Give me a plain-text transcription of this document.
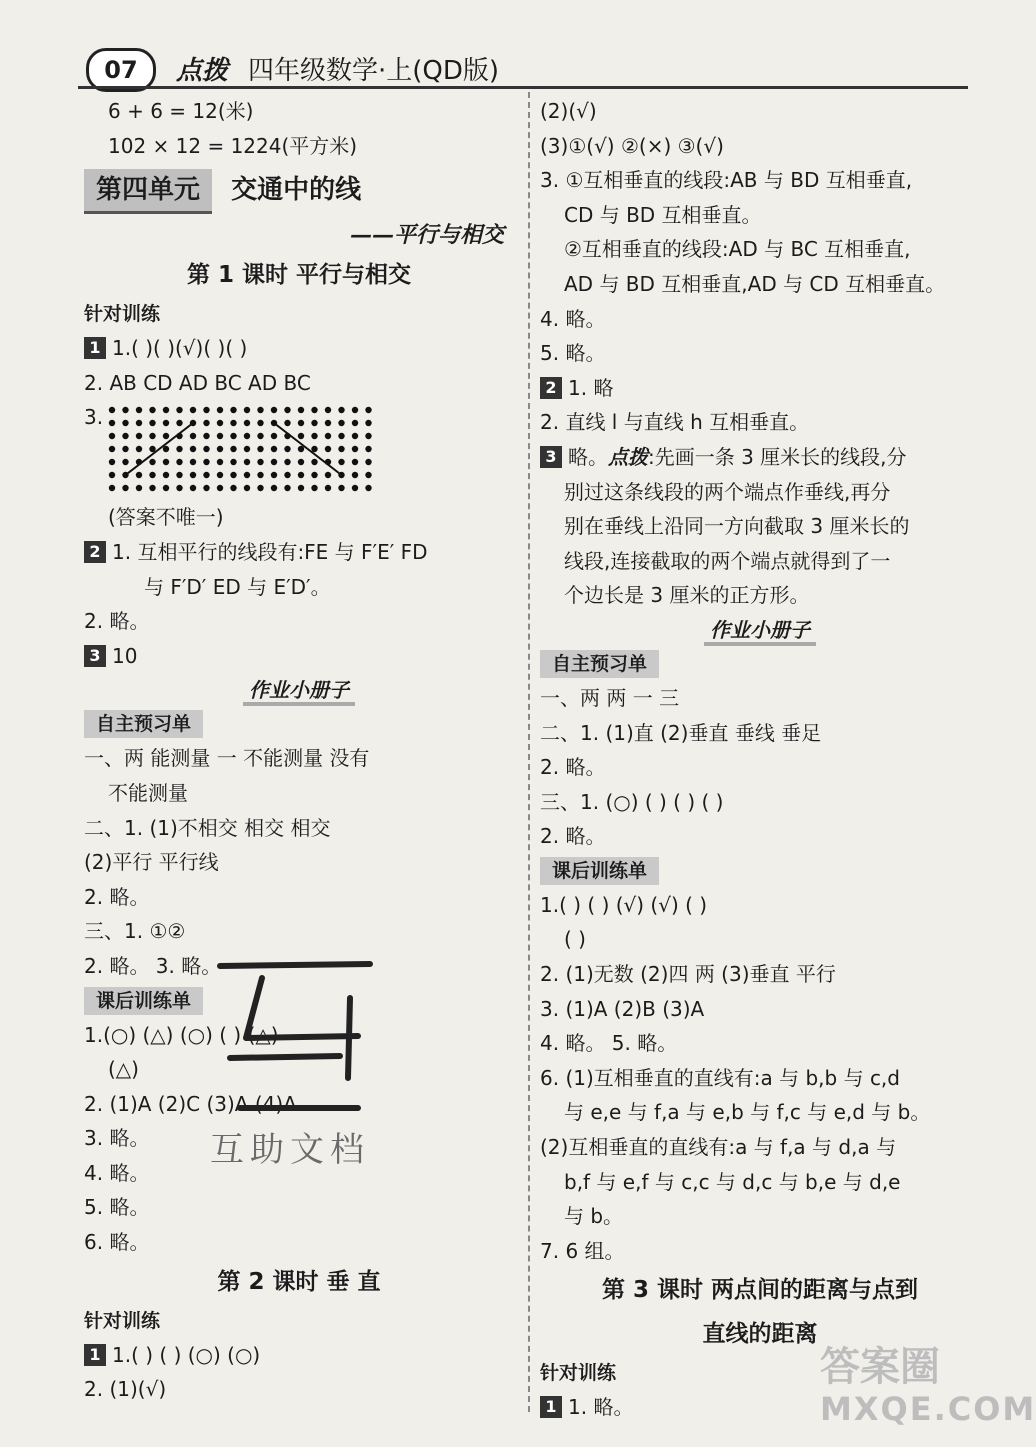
07	点拨 四年级数学·上(QD版)
6 + 6 = 12(米)
102 × 12 = 1224(平方米)
第四单元 交通中的线
——平行与相交
第 1 课时 平行与相交
针对训练
1 1.( )( )(√)( )( )
2. AB CD AD BC AD BC
3.
(答案不唯一)
2 1. 互相平行的线段有:FE 与 F′E′ FD
与 F′D′ ED 与 E′D′。
2. 略。
3 10
作业小册子
自主预习单
一、两 能测量 一 不能测量 没有
不能测量
二、1. (1)不相交 相交 相交
(2)平行 平行线
2. 略。
三、1. ①②
2. 略。 3. 略。
课后训练单
1.(○) (△) (○) ( ) (△)
(△)
2. (1)A (2)C (3)A (4)A
3. 略。
4. 略。
5. 略。
6. 略。
第 2 课时 垂 直
针对训练
1 1.( ) ( ) (○) (○)
2. (1)(√)
(2)(√)
(3)①(√) ②(×) ③(√)
3. ①互相垂直的线段:AB 与 BD 互相垂直,
CD 与 BD 互相垂直。
②互相垂直的线段:AD 与 BC 互相垂直,
AD 与 BD 互相垂直,AD 与 CD 互相垂直。
4. 略。
5. 略。
2 1. 略
2. 直线 l 与直线 h 互相垂直。
3 略。点拨:先画一条 3 厘米长的线段,分
别过这条线段的两个端点作垂线,再分
别在垂线上沿同一方向截取 3 厘米长的
线段,连接截取的两个端点就得到了一
个边长是 3 厘米的正方形。
作业小册子
自主预习单
一、两 两 一 三
二、1. (1)直 (2)垂直 垂线 垂足
2. 略。
三、1. (○) ( ) ( ) ( )
2. 略。
课后训练单
1.( ) ( ) (√) (√) ( )
( )
2. (1)无数 (2)四 两 (3)垂直 平行
3. (1)A (2)B (3)A
4. 略。 5. 略。
6. (1)互相垂直的直线有:a 与 b,b 与 c,d
与 e,e 与 f,a 与 e,b 与 f,c 与 e,d 与 b。
(2)互相垂直的直线有:a 与 f,a 与 d,a 与
b,f 与 e,f 与 c,c 与 d,c 与 b,e 与 d,e
与 b。
7. 6 组。
第 3 课时 两点间的距离与点到
直线的距离
针对训练
1 1. 略。
互助文档
答案圈
MXQE.COM
